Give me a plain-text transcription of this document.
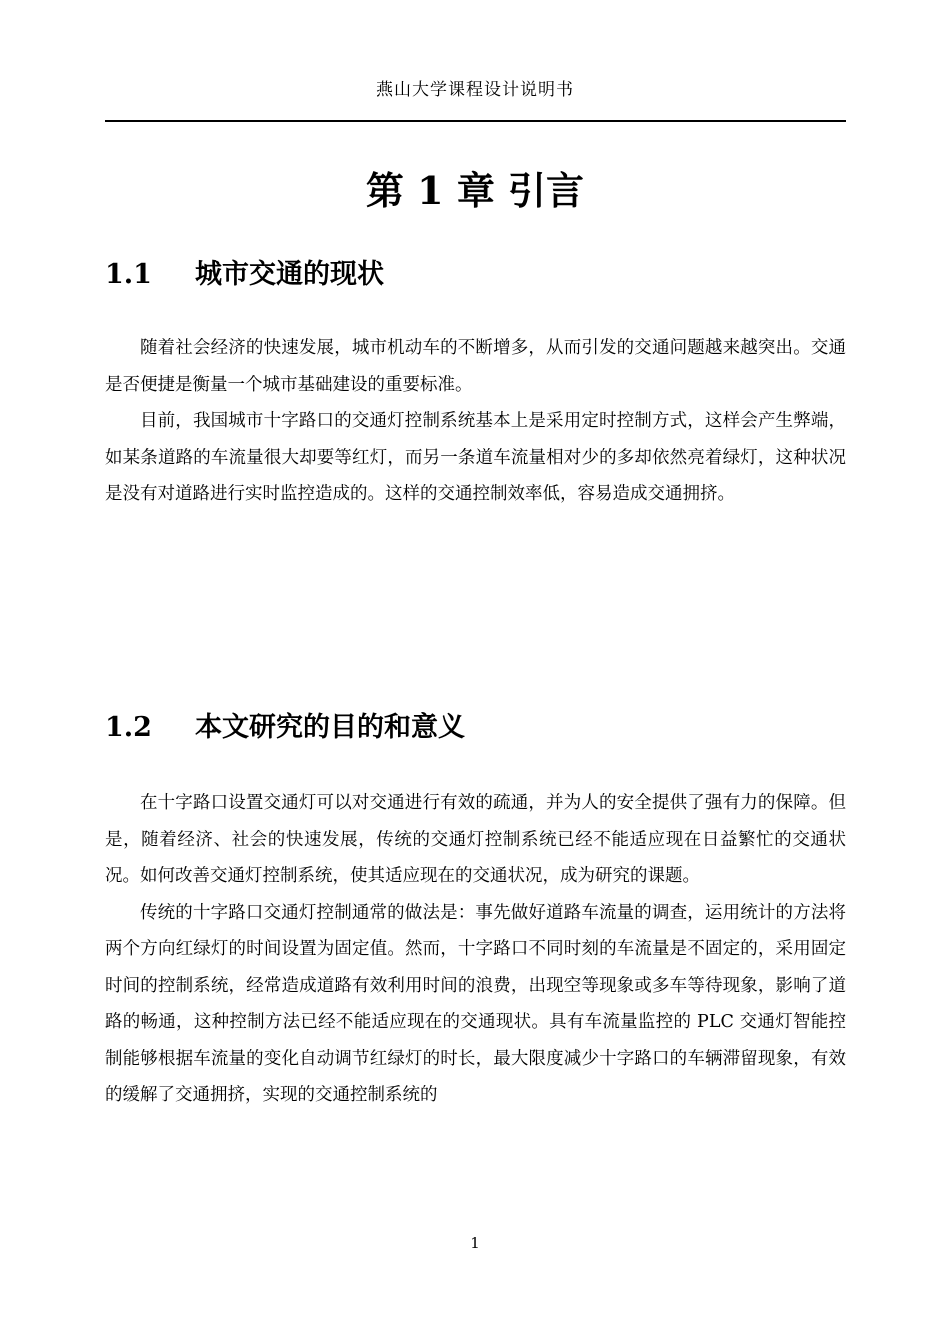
燕山大学课程设计说明书
第 1 章 引言
1.1 城市交通的现状

随着社会经济的快速发展，城市机动车的不断增多，从而引发的交通问题越来越突出。交通是否便捷是衡量一个城市基础建设的重要标准。

目前，我国城市十字路口的交通灯控制系统基本上是采用定时控制方式，这样会产生弊端，如某条道路的车流量很大却要等红灯，而另一条道车流量相对少的多却依然亮着绿灯，这种状况是没有对道路进行实时监控造成的。这样的交通控制效率低，容易造成交通拥挤。

1.2 本文研究的目的和意义

在十字路口设置交通灯可以对交通进行有效的疏通，并为人的安全提供了强有力的保障。但是，随着经济、社会的快速发展，传统的交通灯控制系统已经不能适应现在日益繁忙的交通状况。如何改善交通灯控制系统，使其适应现在的交通状况，成为研究的课题。

传统的十字路口交通灯控制通常的做法是：事先做好道路车流量的调查，运用统计的方法将两个方向红绿灯的时间设置为固定值。然而，十字路口不同时刻的车流量是不固定的，采用固定时间的控制系统，经常造成道路有效利用时间的浪费，出现空等现象或多车等待现象，影响了道路的畅通，这种控制方法已经不能适应现在的交通现状。具有车流量监控的 PLC 交通灯智能控制能够根据车流量的变化自动调节红绿灯的时长，最大限度减少十字路口的车辆滞留现象，有效的缓解了交通拥挤，实现的交通控制系统的

1
